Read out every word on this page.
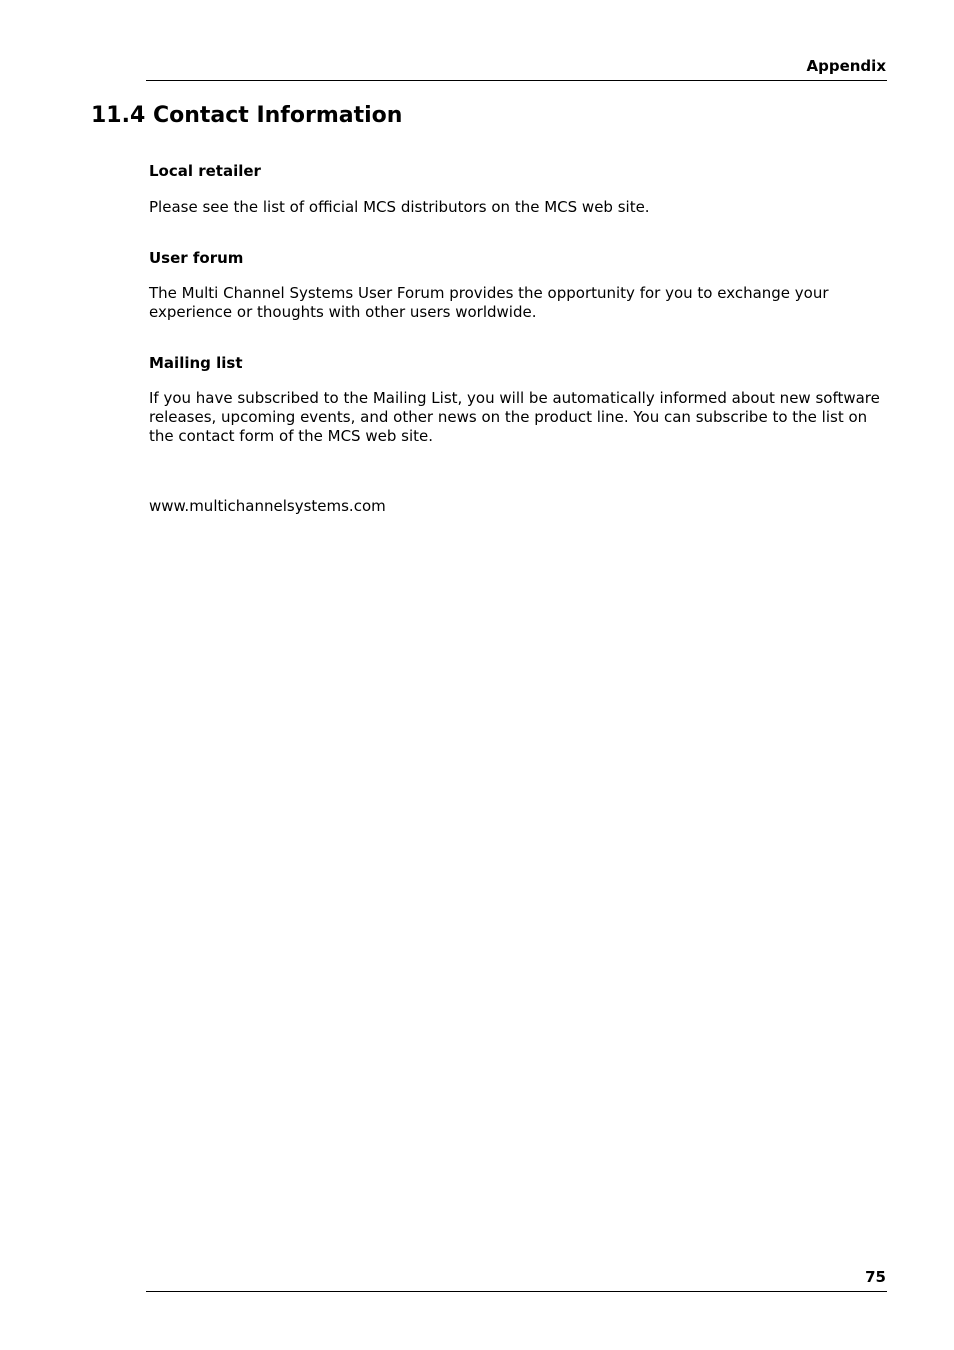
Appendix
11.4 Contact Information
Local retailer

Please see the list of official MCS distributors on the MCS web site.

User forum

The Multi Channel Systems User Forum provides the opportunity for you to exchange your experience or thoughts with other users worldwide.

Mailing list

If you have subscribed to the Mailing List, you will be automatically informed about new software releases, upcoming events, and other news on the product line. You can subscribe to the list on the contact form of the MCS web site.

www.multichannelsystems.com
75
